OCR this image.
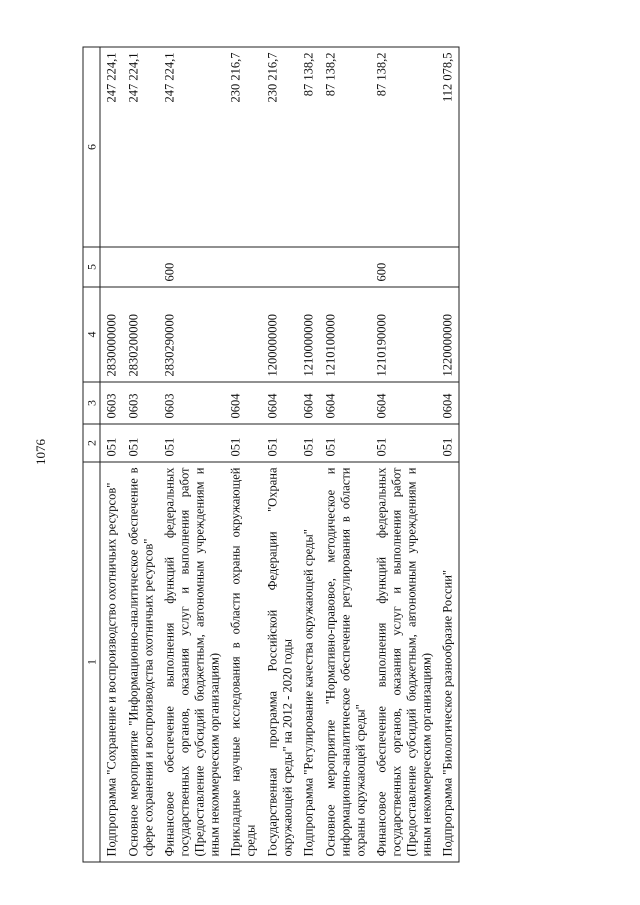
1076
1	2	3	4	5	6
Подпрограмма "Сохранение и воспроизводство охотничьих ресурсов"	051	0603	2830000000		247 224,1
Основное мероприятие "Информационно-аналитическое обеспечение в сфере сохранения и воспроизводства охотничьих ресурсов"	051	0603	2830200000		247 224,1
Финансовое обеспечение выполнения функций федеральных государственных органов, оказания услуг и выполнения работ (Предоставление субсидий бюджетным, автономным учреждениям и иным некоммерческим организациям)	051	0603	2830290000	600	247 224,1
Прикладные научные исследования в области охраны окружающей среды	051	0604			230 216,7
Государственная программа Российской Федерации "Охрана окружающей среды" на 2012 - 2020 годы	051	0604	1200000000		230 216,7
Подпрограмма "Регулирование качества окружающей среды"	051	0604	1210000000		87 138,2
Основное мероприятие "Нормативно-правовое, методическое и информационно-аналитическое обеспечение регулирования в области охраны окружающей среды"	051	0604	1210100000		87 138,2
Финансовое обеспечение выполнения функций федеральных государственных органов, оказания услуг и выполнения работ (Предоставление субсидий бюджетным, автономным учреждениям и иным некоммерческим организациям)	051	0604	1210190000	600	87 138,2
Подпрограмма "Биологическое разнообразие России"	051	0604	1220000000		112 078,5
